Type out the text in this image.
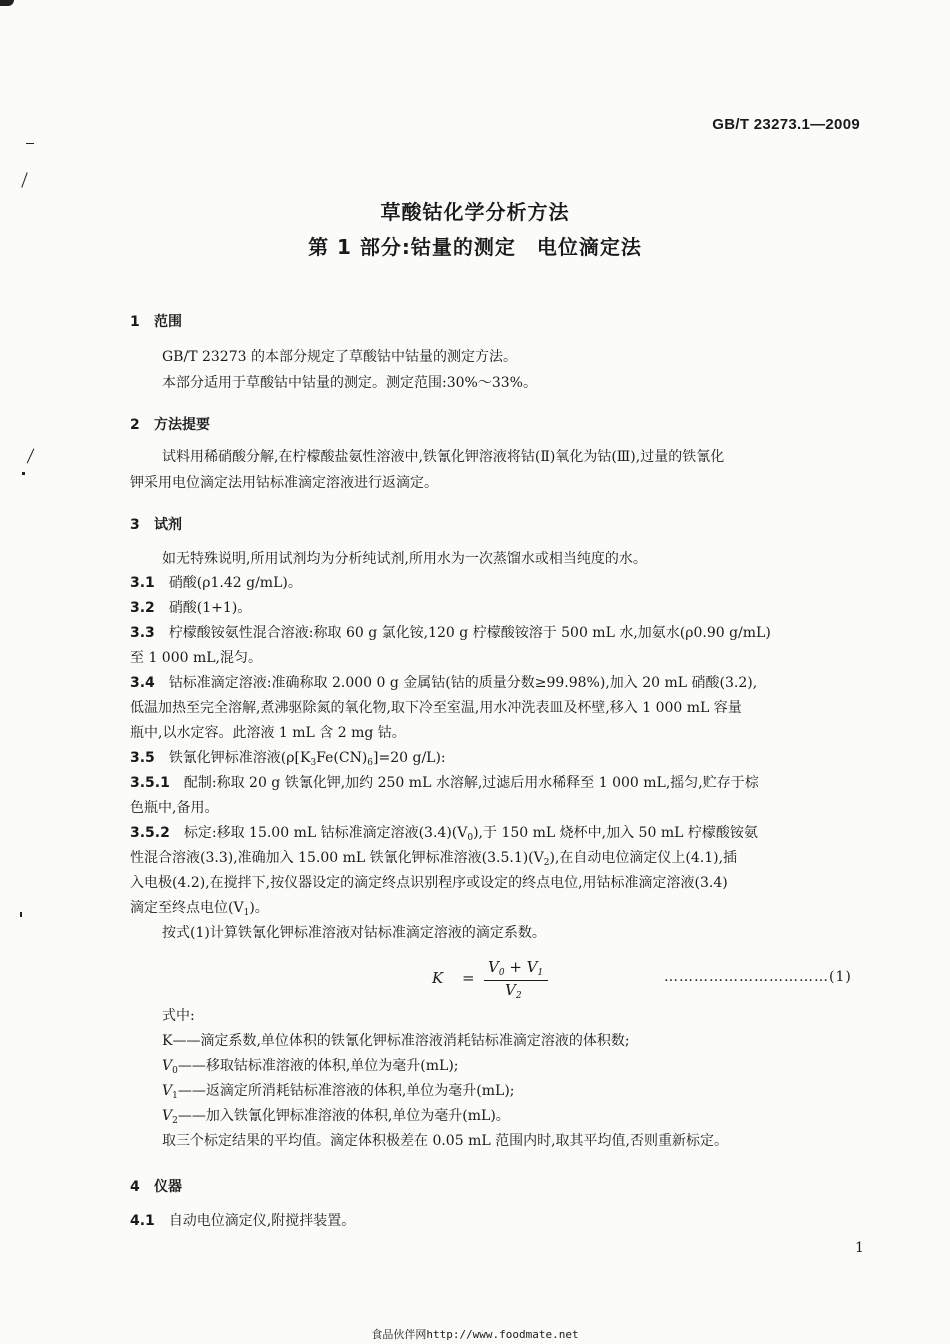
GB/T 23273.1—2009
草酸钴化学分析方法
第 1 部分:钴量的测定　电位滴定法
1 范围
GB/T 23273 的本部分规定了草酸钴中钴量的测定方法。
本部分适用于草酸钴中钴量的测定。测定范围:30%～33%。
2 方法提要
试料用稀硝酸分解,在柠檬酸盐氨性溶液中,铁氰化钾溶液将钴(Ⅱ)氧化为钴(Ⅲ),过量的铁氰化
钾采用电位滴定法用钴标准滴定溶液进行返滴定。
3 试剂
如无特殊说明,所用试剂均为分析纯试剂,所用水为一次蒸馏水或相当纯度的水。
3.1　 硝酸(ρ1.42 g/mL)。
3.2　 硝酸(1+1)。
3.3　 柠檬酸铵氨性混合溶液:称取 60 g 氯化铵,120 g 柠檬酸铵溶于 500 mL 水,加氨水(ρ0.90 g/mL)
至 1 000 mL,混匀。
3.4　 钴标准滴定溶液:准确称取 2.000 0 g 金属钴(钴的质量分数≥99.98%),加入 20 mL 硝酸(3.2),
低温加热至完全溶解,煮沸驱除氮的氧化物,取下冷至室温,用水冲洗表皿及杯壁,移入 1 000 mL 容量
瓶中,以水定容。此溶液 1 mL 含 2 mg 钴。
3.5　 铁氰化钾标准溶液($\rho[K_3Fe(CN)_6]=20$ g/L):
3.5.1　 配制:称取 20 g 铁氰化钾,加约 250 mL 水溶解,过滤后用水稀释至 1 000 mL,摇匀,贮存于棕
色瓶中,备用。
3.5.2　 标定:移取 15.00 mL 钴标准滴定溶液$(3.4)(V_0)$,于 150 mL 烧杯中,加入 50 mL 柠檬酸铵氨
性混合溶液(3.3),准确加入 15.00 mL 铁氰化钾标准溶液$(3.5.1)(V_2)$,在自动电位滴定仪上(4.1),插
入电极(4.2),在搅拌下,按仪器设定的滴定终点识别程序或设定的终点电位,用钴标准滴定溶液(3.4)
滴定至终点电位$(V_1)$。
按式(1)计算铁氰化钾标准溶液对钴标准滴定溶液的滴定系数。
K =
$V_0 + V_1$
$V_2$
……………………………(1)
式中:
K——滴定系数,单位体积的铁氰化钾标准溶液消耗钴标准滴定溶液的体积数;
$V_0——$移取钴标准溶液的体积,单位为毫升(mL);
$V_1——$返滴定所消耗钴标准溶液的体积,单位为毫升(mL);
$V_2——$加入铁氰化钾标准溶液的体积,单位为毫升(mL)。
取三个标定结果的平均值。滴定体积极差在 0.05 mL 范围内时,取其平均值,否则重新标定。
4 仪器
4.1　 自动电位滴定仪,附搅拌装置。
1
食品伙伴网http://www.foodmate.net
